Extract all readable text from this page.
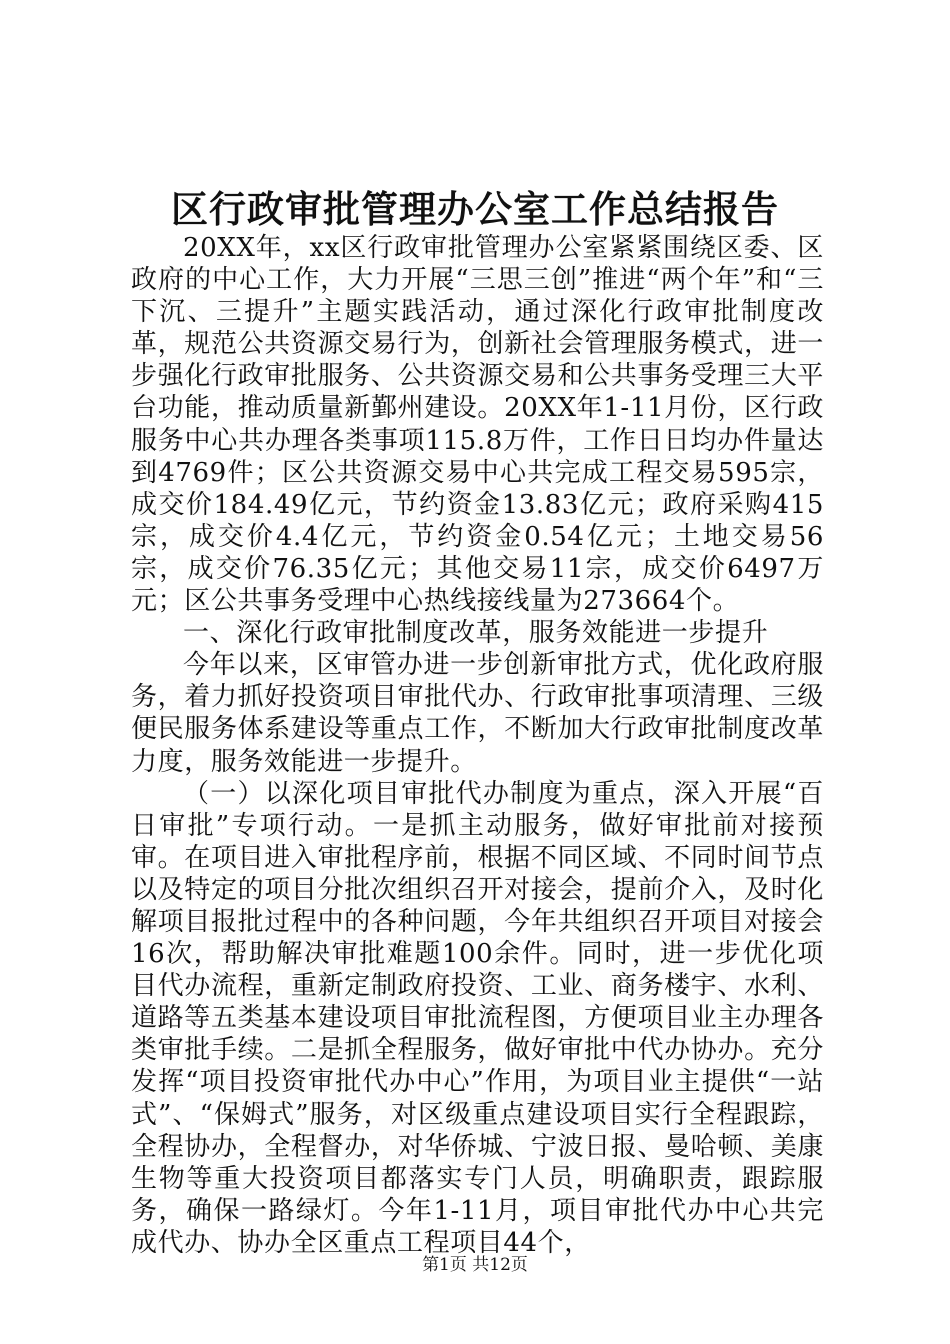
区行政审批管理办公室工作总结报告

20XX年，xx区行政审批管理办公室紧紧围绕区委、区政府的中心工作，大力开展“三思三创”推进“两个年”和“三下沉、三提升”主题实践活动，通过深化行政审批制度改革，规范公共资源交易行为，创新社会管理服务模式，进一步强化行政审批服务、公共资源交易和公共事务受理三大平台功能，推动质量新鄞州建设。20XX年1-11月份，区行政服务中心共办理各类事项115.8万件，工作日日均办件量达到4769件；区公共资源交易中心共完成工程交易595宗，成交价184.49亿元，节约资金13.83亿元；政府采购415宗，成交价4.4亿元，节约资金0.54亿元；土地交易56宗，成交价76.35亿元；其他交易11宗，成交价6497万元；区公共事务受理中心热线接线量为273664个。

一、深化行政审批制度改革，服务效能进一步提升

今年以来，区审管办进一步创新审批方式，优化政府服务，着力抓好投资项目审批代办、行政审批事项清理、三级便民服务体系建设等重点工作，不断加大行政审批制度改革力度，服务效能进一步提升。

（一）以深化项目审批代办制度为重点，深入开展“百日审批”专项行动。一是抓主动服务，做好审批前对接预审。在项目进入审批程序前，根据不同区域、不同时间节点以及特定的项目分批次组织召开对接会，提前介入，及时化解项目报批过程中的各种问题，今年共组织召开项目对接会16次，帮助解决审批难题100余件。同时，进一步优化项目代办流程，重新定制政府投资、工业、商务楼宇、水利、道路等五类基本建设项目审批流程图，方便项目业主办理各类审批手续。二是抓全程服务，做好审批中代办协办。充分发挥“项目投资审批代办中心”作用，为项目业主提供“一站式”、“保姆式”服务，对区级重点建设项目实行全程跟踪，全程协办，全程督办，对华侨城、宁波日报、曼哈顿、美康生物等重大投资项目都落实专门人员，明确职责，跟踪服务，确保一路绿灯。今年1-11月，项目审批代办中心共完成代办、协办全区重点工程项目44个，

第1页 共12页
